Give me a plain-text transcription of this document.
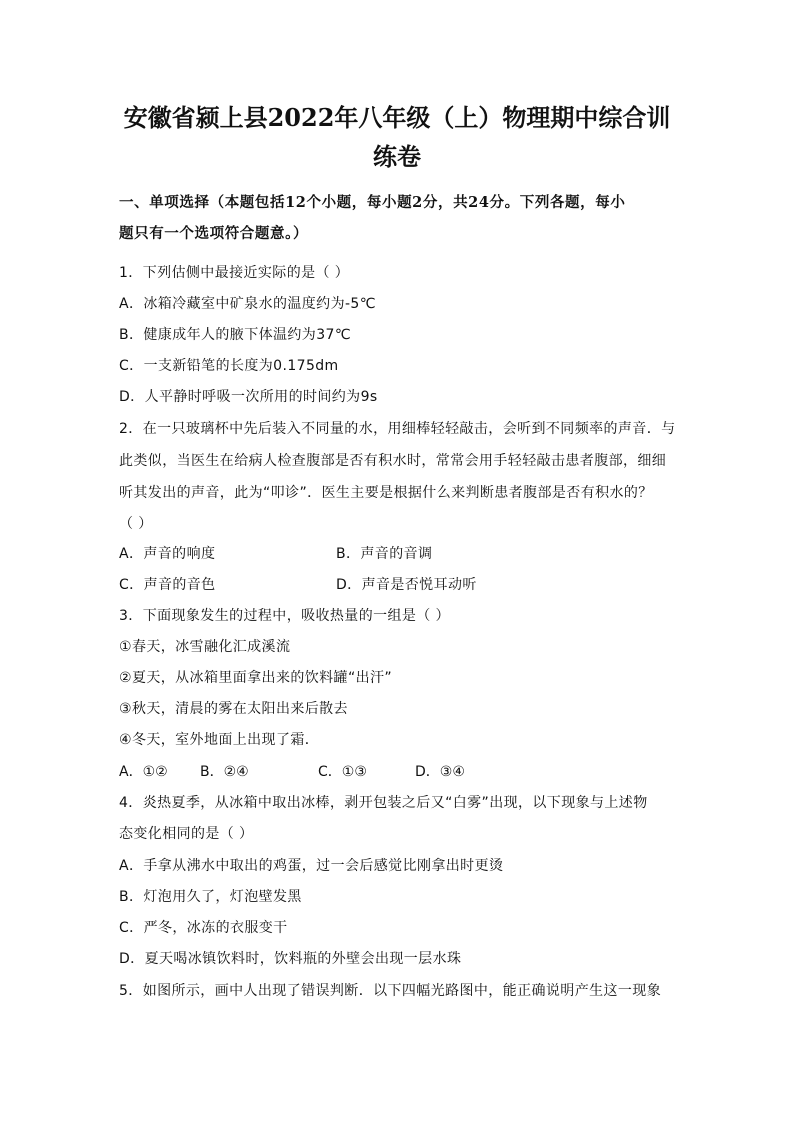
安徽省颍上县2022年八年级（上）物理期中综合训
练卷
一、单项选择（本题包括12个小题，每小题2分，共24分。下列各题，每小
题只有一个选项符合题意。）
1．下列估侧中最接近实际的是（ ）
A．冰箱冷藏室中矿泉水的温度约为-5℃
B．健康成年人的腋下体温约为37℃
C．一支新铅笔的长度为0.175dm
D．人平静时呼吸一次所用的时间约为9s
2．在一只玻璃杯中先后装入不同量的水，用细棒轻轻敲击，会听到不同频率的声音．与
此类似，当医生在给病人检查腹部是否有积水时，常常会用手轻轻敲击患者腹部，细细
听其发出的声音，此为“叩诊”．医生主要是根据什么来判断患者腹部是否有积水的？
（ ）
A．声音的响度	B．声音的音调
C．声音的音色	D．声音是否悦耳动听
3．下面现象发生的过程中，吸收热量的一组是（ ）
①春天，冰雪融化汇成溪流
②夏天，从冰箱里面拿出来的饮料罐“出汗”
③秋天，清晨的雾在太阳出来后散去
④冬天，室外地面上出现了霜．
A．①② B．②④	C．①③	D．③④
4．炎热夏季，从冰箱中取出冰棒，剥开包装之后又“白雾”出现，以下现象与上述物
态变化相同的是（ ）
A．手拿从沸水中取出的鸡蛋，过一会后感觉比刚拿出时更烫
B．灯泡用久了，灯泡壁发黑
C．严冬，冰冻的衣服变干
D．夏天喝冰镇饮料时，饮料瓶的外壁会出现一层水珠
5．如图所示，画中人出现了错误判断．以下四幅光路图中，能正确说明产生这一现象
